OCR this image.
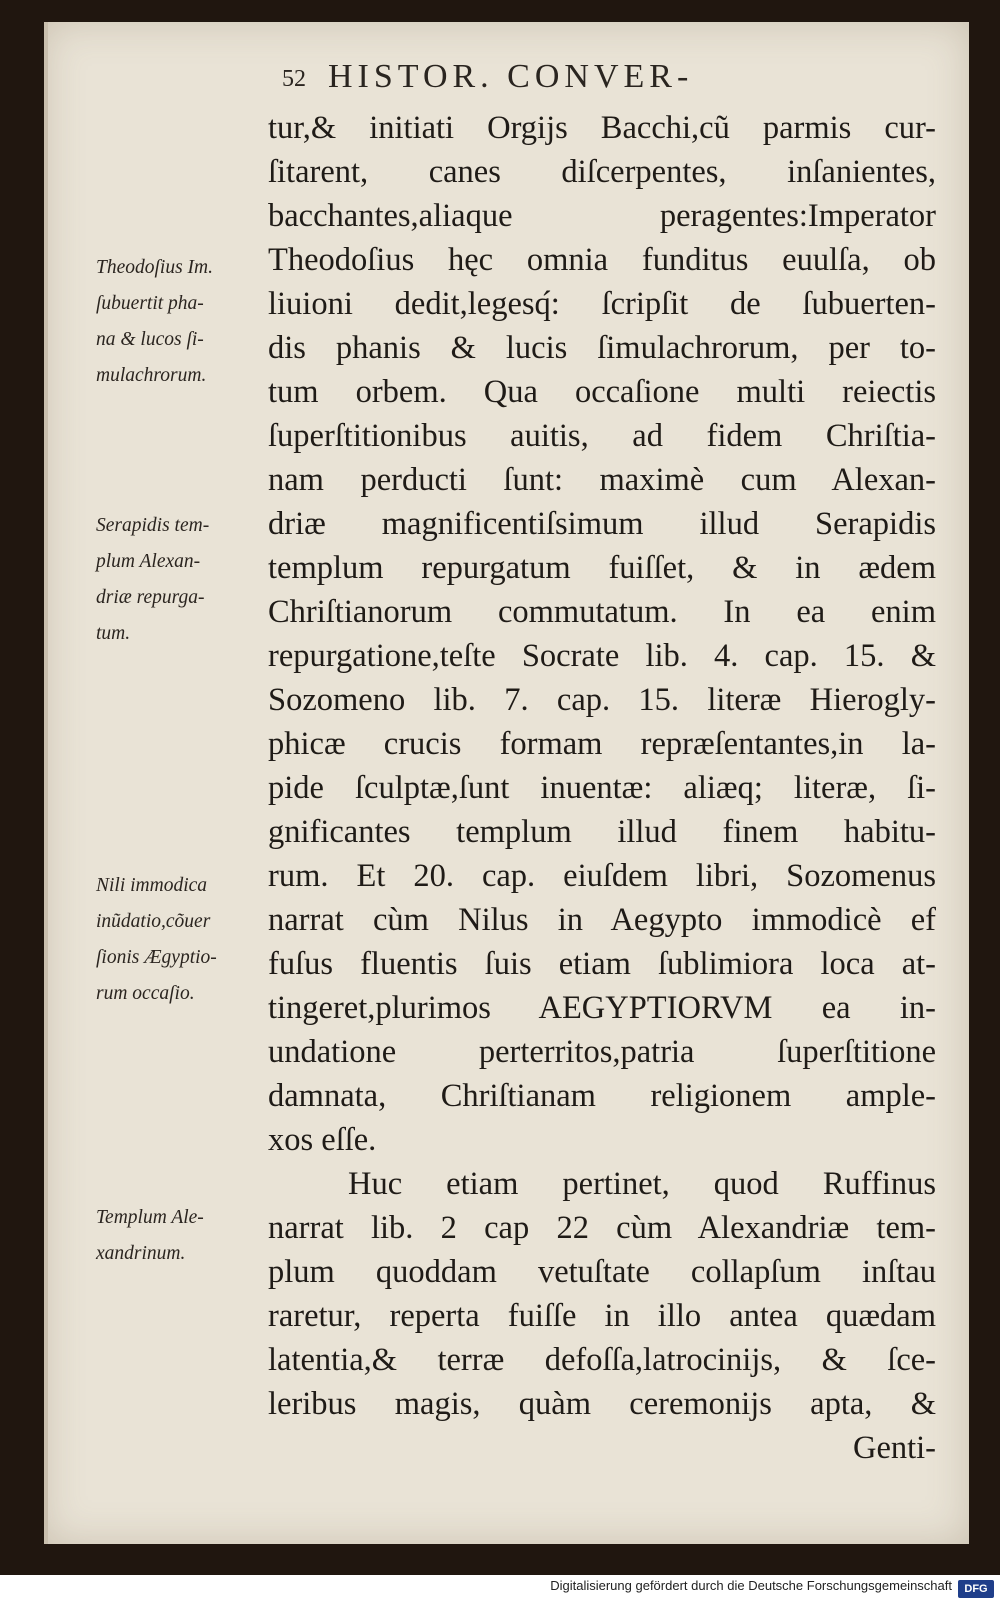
52 HISTOR. CONVER-
tur,& initiati Orgijs Bacchi,cũ parmis cur-
ſitarent, canes diſcerpentes, inſanientes,
bacchantes,aliaque peragentes:Imperator
Theodoſius hęc omnia funditus euulſa, ob
liuioni dedit,legesq́: ſcripſit de ſubuerten-
dis phanis & lucis ſimulachrorum, per to-
tum orbem. Qua occaſione multi reiectis
ſuperſtitionibus auitis, ad fidem Chriſtia-
nam perducti ſunt: maximè cum Alexan-
driæ magnificentiſsimum illud Serapidis
templum repurgatum fuiſſet, & in ædem
Chriſtianorum commutatum. In ea enim
repurgatione,teſte Socrate lib. 4. cap. 15. &
Sozomeno lib. 7. cap. 15. literæ Hierogly-
phicæ crucis formam repræſentantes,in la-
pide ſculptæ,ſunt inuentæ: aliæq; literæ, ſi-
gnificantes templum illud finem habitu-
rum. Et 20. cap. eiuſdem libri, Sozomenus
narrat cùm Nilus in Aegypto immodicè ef
fuſus fluentis ſuis etiam ſublimiora loca at-
tingeret,plurimos AEGYPTIORVM ea in-
undatione perterritos,patria ſuperſtitione
damnata, Chriſtianam religionem ample-
xos eſſe.
Huc etiam pertinet, quod Ruffinus
narrat lib. 2 cap 22 cùm Alexandriæ tem-
plum quoddam vetuſtate collapſum inſtau
raretur, reperta fuiſſe in illo antea quædam
latentia,& terræ defoſſa,latrocinijs, & ſce-
leribus magis, quàm ceremonijs apta, &
Genti-
Theodoſius Im.
ſubuertit pha-
na & lucos ſi-
mulachrorum.
Serapidis tem-
plum Alexan-
driæ repurga-
tum.
Nili immodica
inũdatio,cõuer
ſionis Ægyptio-
rum occaſio.
Templum Ale-
xandrinum.
Digitalisierung gefördert durch die Deutsche Forschungsgemeinschaft	DFG
